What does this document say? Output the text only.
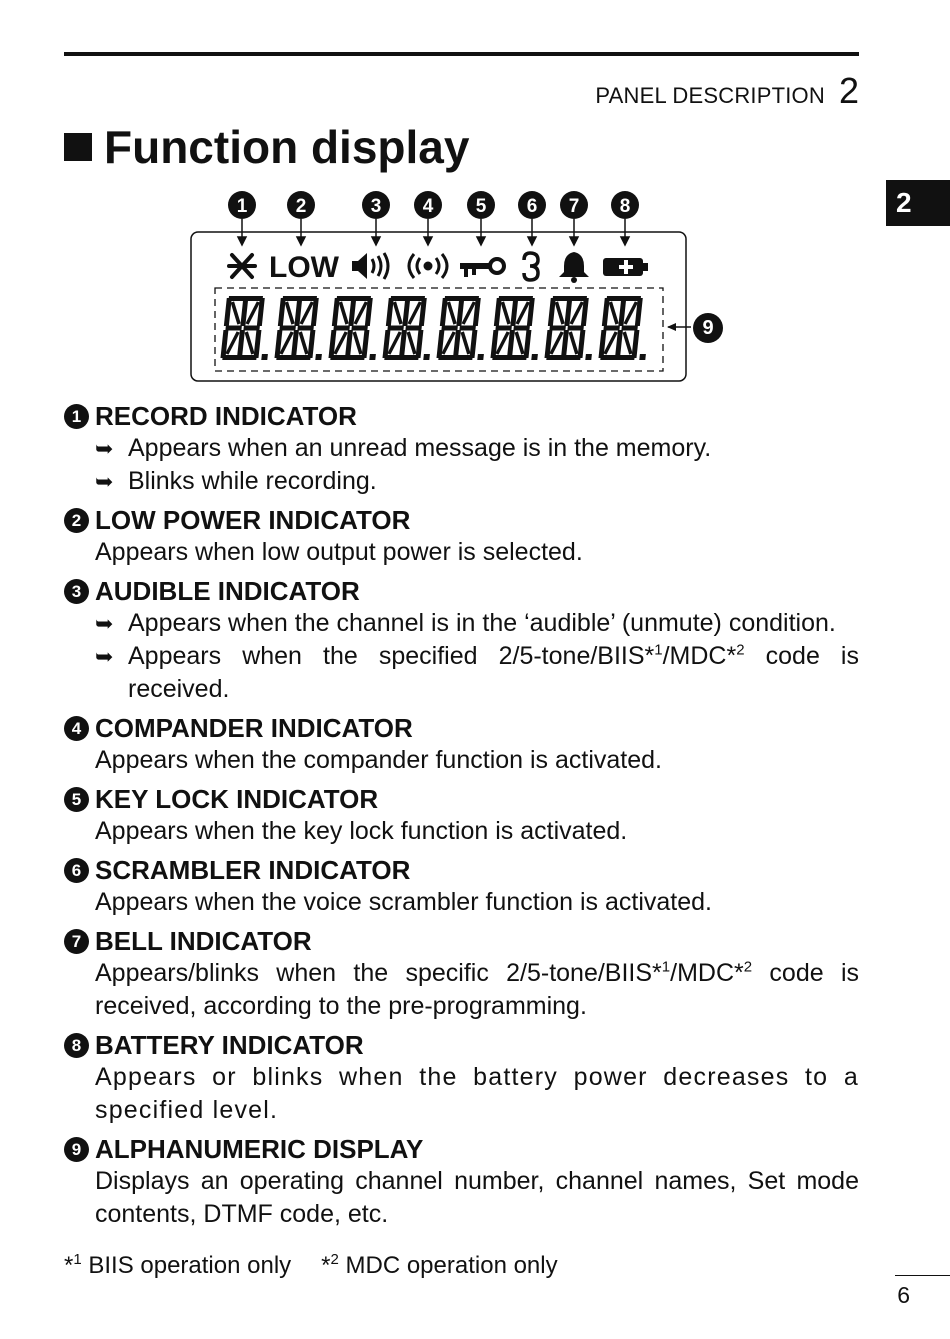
PANEL DESCRIPTION 2
2
Function display
1	2	3 4 5 6 7 8
LOW
9
1 RECORD INDICATOR
➥ Appears when an unread message is in the memory.
➥ Blinks while recording.
2 LOW POWER INDICATOR
Appears when low output power is selected.
3 AUDIBLE INDICATOR
➥ Appears when the channel is in the ‘audible’ (unmute) condition.
➥ Appears when the specified 2/5-tone/BIIS*$^1$/MDC*$^2$ code is received.
4 COMPANDER INDICATOR
Appears when the compander function is activated.
5 KEY LOCK INDICATOR
Appears when the key lock function is activated.
6 SCRAMBLER INDICATOR
Appears when the voice scrambler function is activated.
7 BELL INDICATOR
Appears/blinks when the specific 2/5-tone/BIIS*$^1$/MDC*$^2$ code is received, according to the pre-programming.
8 BATTERY INDICATOR
Appears or blinks when the battery power decreases to a specified level.
9 ALPHANUMERIC DISPLAY
Displays an operating channel number, channel names, Set mode contents, DTMF code, etc.
*$^1$ BIIS operation only *$^2$ MDC operation only
6
